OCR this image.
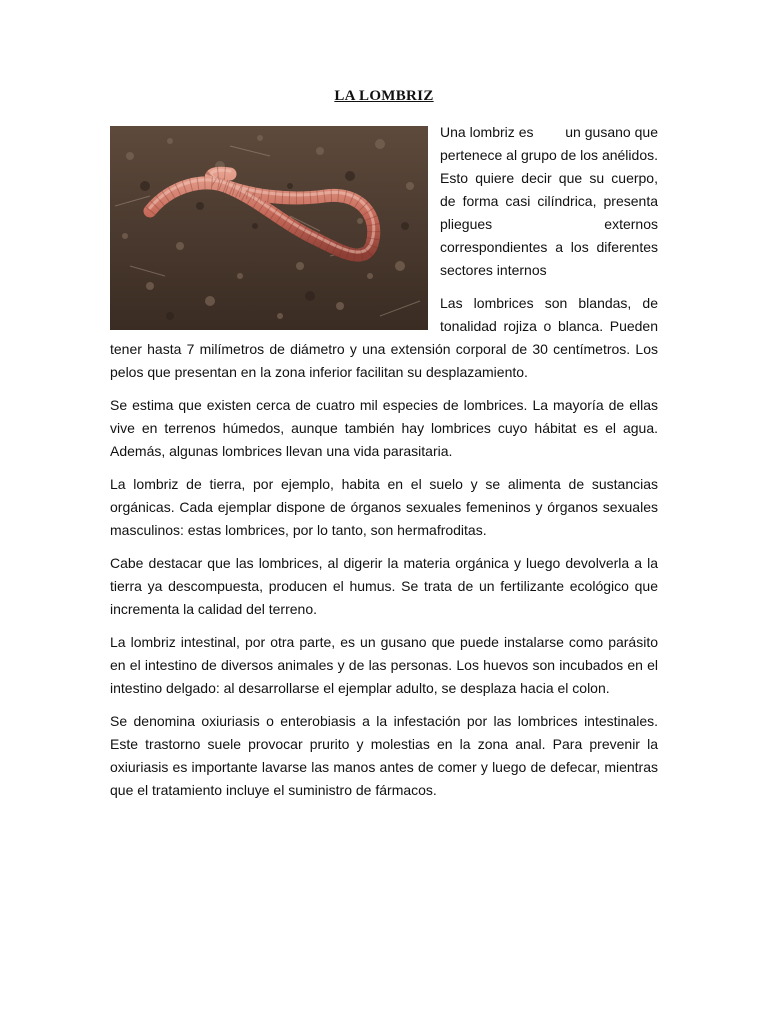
LA LOMBRIZ

Una lombriz es        un gusano que pertenece al grupo de los anélidos. Esto quiere decir que su cuerpo, de forma casi cilíndrica, presenta pliegues externos correspondientes a los diferentes sectores internos

Las lombrices son blandas, de tonalidad rojiza o blanca. Pueden tener hasta 7 milímetros de diámetro y una extensión corporal de 30 centímetros. Los pelos que presentan en la zona inferior facilitan su desplazamiento.

Se estima que existen cerca de cuatro mil especies de lombrices. La mayoría de ellas vive en terrenos húmedos, aunque también hay lombrices cuyo hábitat es el agua. Además, algunas lombrices llevan una vida parasitaria.

La lombriz de tierra, por ejemplo, habita en el suelo y se alimenta de sustancias orgánicas. Cada ejemplar dispone de órganos sexuales femeninos y órganos sexuales masculinos: estas lombrices, por lo tanto, son hermafroditas.

Cabe destacar que las lombrices, al digerir la materia orgánica y luego devolverla a la tierra ya descompuesta, producen el humus. Se trata de un fertilizante ecológico que incrementa la calidad del terreno.

La lombriz intestinal, por otra parte, es un gusano que puede instalarse como parásito en el intestino de diversos animales y de las personas. Los huevos son incubados en el intestino delgado: al desarrollarse el ejemplar adulto, se desplaza hacia el colon.

Se denomina oxiuriasis o enterobiasis a la infestación por las lombrices intestinales. Este trastorno suele provocar prurito y molestias en la zona anal. Para prevenir la oxiuriasis es importante lavarse las manos antes de comer y luego de defecar, mientras que el tratamiento incluye el suministro de fármacos.
